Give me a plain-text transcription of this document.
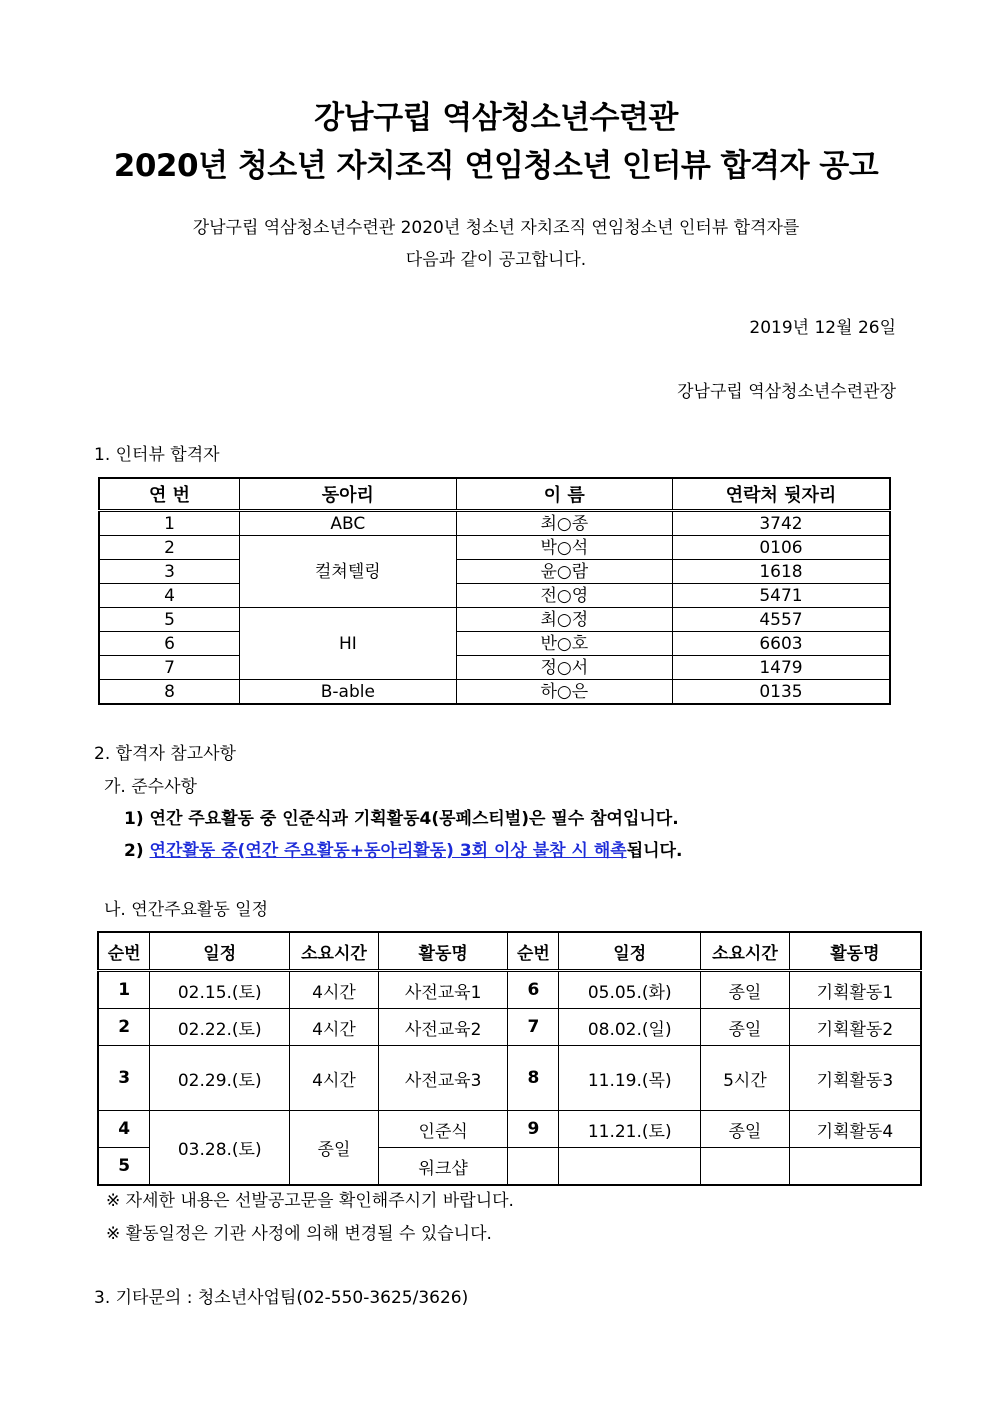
강남구립 역삼청소년수련관
2020년 청소년 자치조직 연임청소년 인터뷰 합격자 공고
강남구립 역삼청소년수련관 2020년 청소년 자치조직 연임청소년 인터뷰 합격자를
다음과 같이 공고합니다.
2019년 12월 26일
강남구립 역삼청소년수련관장
1. 인터뷰 합격자
연 번	동아리	이 름	연락처 뒷자리
1	ABC	최○종	3742
2	컬쳐텔링	박○석	0106
3		윤○람	1618
4		전○영	5471
5	HI	최○정	4557
6		반○호	6603
7		정○서	1479
8	B-able	하○은	0135
2. 합격자 참고사항
가. 준수사항
1) 연간 주요활동 중 인준식과 기획활동4(몽페스티벌)은 필수 참여입니다.
2) 연간활동 중(연간 주요활동+동아리활동) 3회 이상 불참 시 해촉됩니다.
나. 연간주요활동 일정
순번	일정	소요시간	활동명	순번	일정	소요시간	활동명
1	02.15.(토)	4시간	사전교육1	6	05.05.(화)	종일	기획활동1
2	02.22.(토)	4시간	사전교육2	7	08.02.(일)	종일	기획활동2
3	02.29.(토)	4시간	사전교육3	8	11.19.(목)	5시간	기획활동3
4	03.28.(토)	종일	인준식	9	11.21.(토)	종일	기획활동4
5			워크샵				
※ 자세한 내용은 선발공고문을 확인해주시기 바랍니다.
※ 활동일정은 기관 사정에 의해 변경될 수 있습니다.
3. 기타문의 : 청소년사업팀(02-550-3625/3626)
